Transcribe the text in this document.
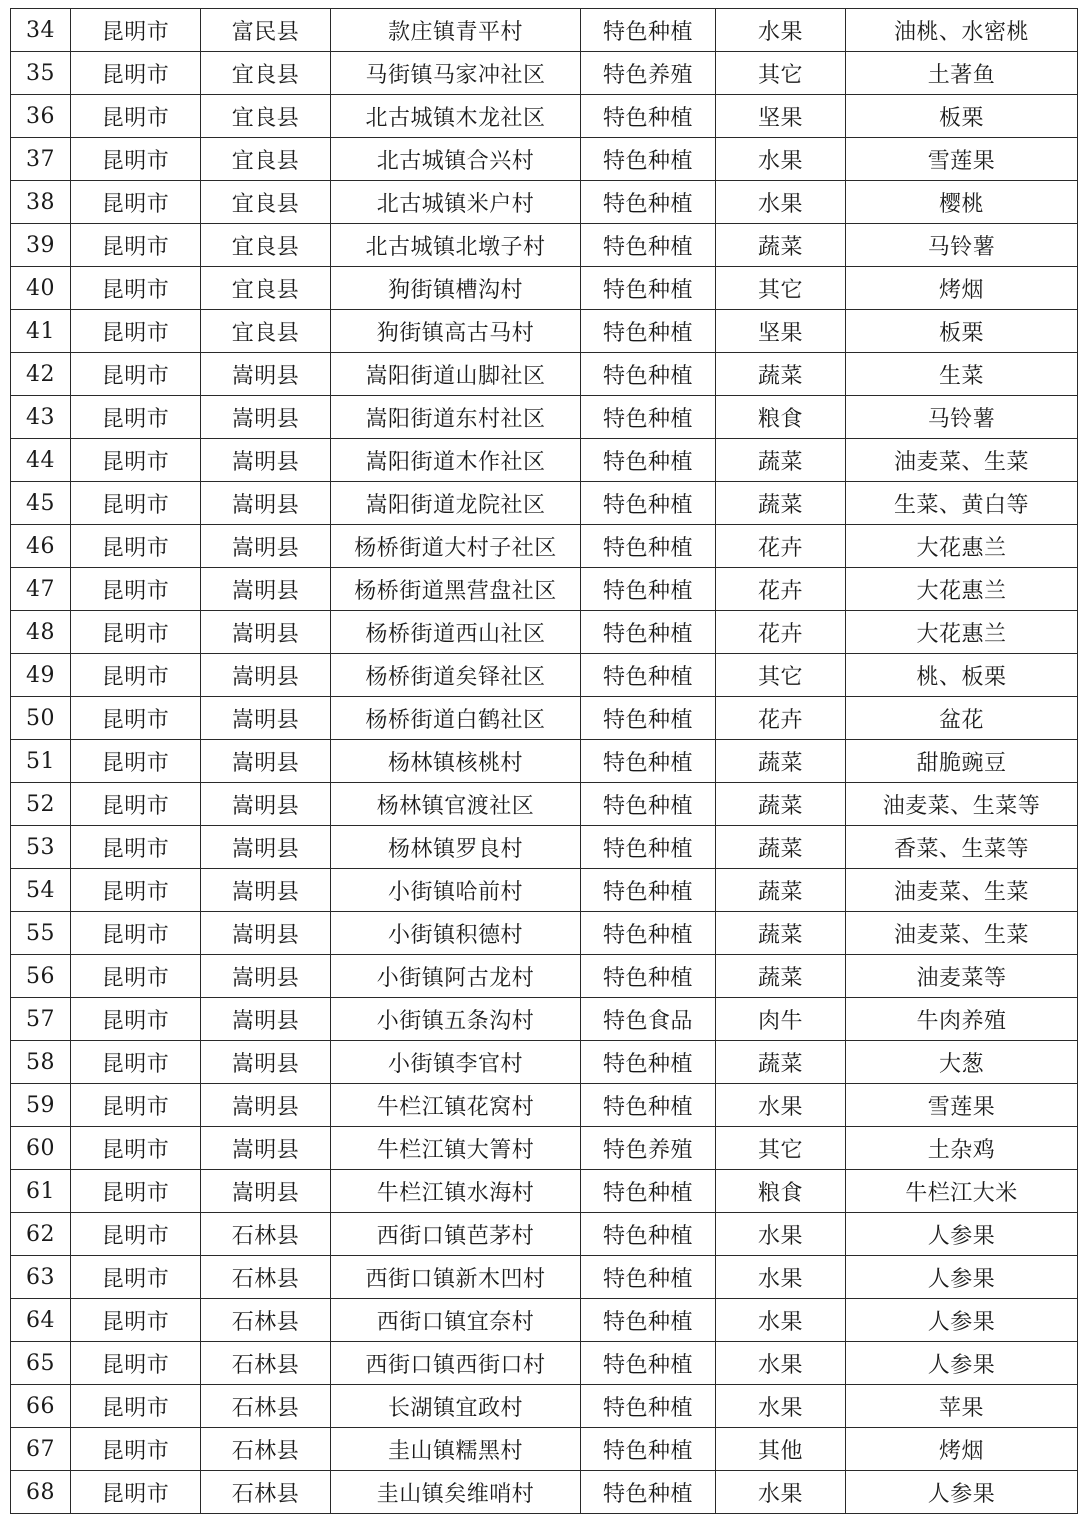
34	昆明市	富民县	款庄镇青平村	特色种植	水果	油桃、水密桃
35	昆明市	宜良县	马街镇马家冲社区	特色养殖	其它	土著鱼
36	昆明市	宜良县	北古城镇木龙社区	特色种植	坚果	板栗
37	昆明市	宜良县	北古城镇合兴村	特色种植	水果	雪莲果
38	昆明市	宜良县	北古城镇米户村	特色种植	水果	樱桃
39	昆明市	宜良县	北古城镇北墩子村	特色种植	蔬菜	马铃薯
40	昆明市	宜良县	狗街镇槽沟村	特色种植	其它	烤烟
41	昆明市	宜良县	狗街镇高古马村	特色种植	坚果	板栗
42	昆明市	嵩明县	嵩阳街道山脚社区	特色种植	蔬菜	生菜
43	昆明市	嵩明县	嵩阳街道东村社区	特色种植	粮食	马铃薯
44	昆明市	嵩明县	嵩阳街道木作社区	特色种植	蔬菜	油麦菜、生菜
45	昆明市	嵩明县	嵩阳街道龙院社区	特色种植	蔬菜	生菜、黄白等
46	昆明市	嵩明县	杨桥街道大村子社区	特色种植	花卉	大花惠兰
47	昆明市	嵩明县	杨桥街道黑营盘社区	特色种植	花卉	大花惠兰
48	昆明市	嵩明县	杨桥街道西山社区	特色种植	花卉	大花惠兰
49	昆明市	嵩明县	杨桥街道矣铎社区	特色种植	其它	桃、板栗
50	昆明市	嵩明县	杨桥街道白鹤社区	特色种植	花卉	盆花
51	昆明市	嵩明县	杨林镇核桃村	特色种植	蔬菜	甜脆豌豆
52	昆明市	嵩明县	杨林镇官渡社区	特色种植	蔬菜	油麦菜、生菜等
53	昆明市	嵩明县	杨林镇罗良村	特色种植	蔬菜	香菜、生菜等
54	昆明市	嵩明县	小街镇哈前村	特色种植	蔬菜	油麦菜、生菜
55	昆明市	嵩明县	小街镇积德村	特色种植	蔬菜	油麦菜、生菜
56	昆明市	嵩明县	小街镇阿古龙村	特色种植	蔬菜	油麦菜等
57	昆明市	嵩明县	小街镇五条沟村	特色食品	肉牛	牛肉养殖
58	昆明市	嵩明县	小街镇李官村	特色种植	蔬菜	大葱
59	昆明市	嵩明县	牛栏江镇花窝村	特色种植	水果	雪莲果
60	昆明市	嵩明县	牛栏江镇大箐村	特色养殖	其它	土杂鸡
61	昆明市	嵩明县	牛栏江镇水海村	特色种植	粮食	牛栏江大米
62	昆明市	石林县	西街口镇芭茅村	特色种植	水果	人参果
63	昆明市	石林县	西街口镇新木凹村	特色种植	水果	人参果
64	昆明市	石林县	西街口镇宜奈村	特色种植	水果	人参果
65	昆明市	石林县	西街口镇西街口村	特色种植	水果	人参果
66	昆明市	石林县	长湖镇宜政村	特色种植	水果	苹果
67	昆明市	石林县	圭山镇糯黑村	特色种植	其他	烤烟
68	昆明市	石林县	圭山镇矣维哨村	特色种植	水果	人参果
